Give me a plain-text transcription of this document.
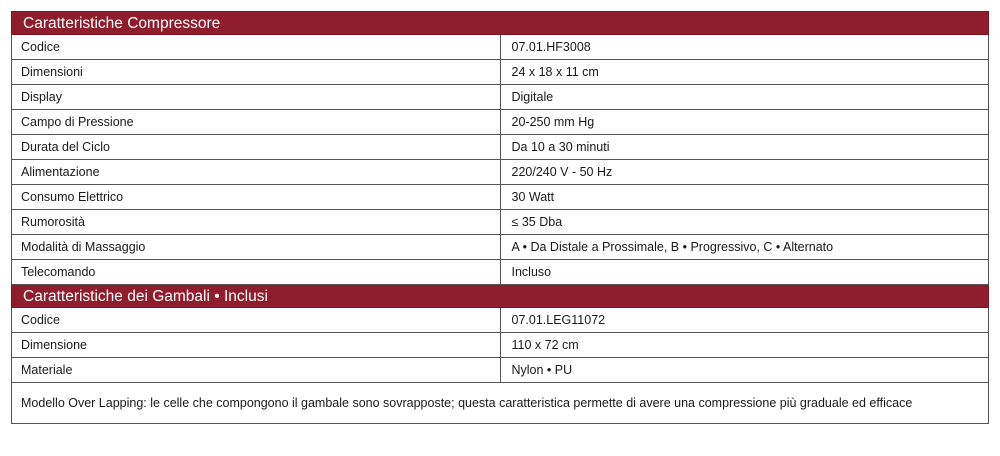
Caratteristiche Compressore	
Codice	07.01.HF3008
Dimensioni	24 x 18 x 11 cm
Display	Digitale
Campo di Pressione	20-250 mm Hg
Durata del Ciclo	Da 10 a 30 minuti
Alimentazione	220/240 V - 50 Hz
Consumo Elettrico	30 Watt
Rumorosità	≤ 35 Dba
Modalità di Massaggio	A • Da Distale a Prossimale, B • Progressivo, C • Alternato
Telecomando	Incluso
Caratteristiche dei Gambali • Inclusi	
Codice	07.01.LEG11072
Dimensione	110 x 72 cm
Materiale	Nylon • PU
Modello Over Lapping: le celle che compongono il gambale sono sovrapposte; questa caratteristica permette di avere una compressione più graduale ed efficace	
